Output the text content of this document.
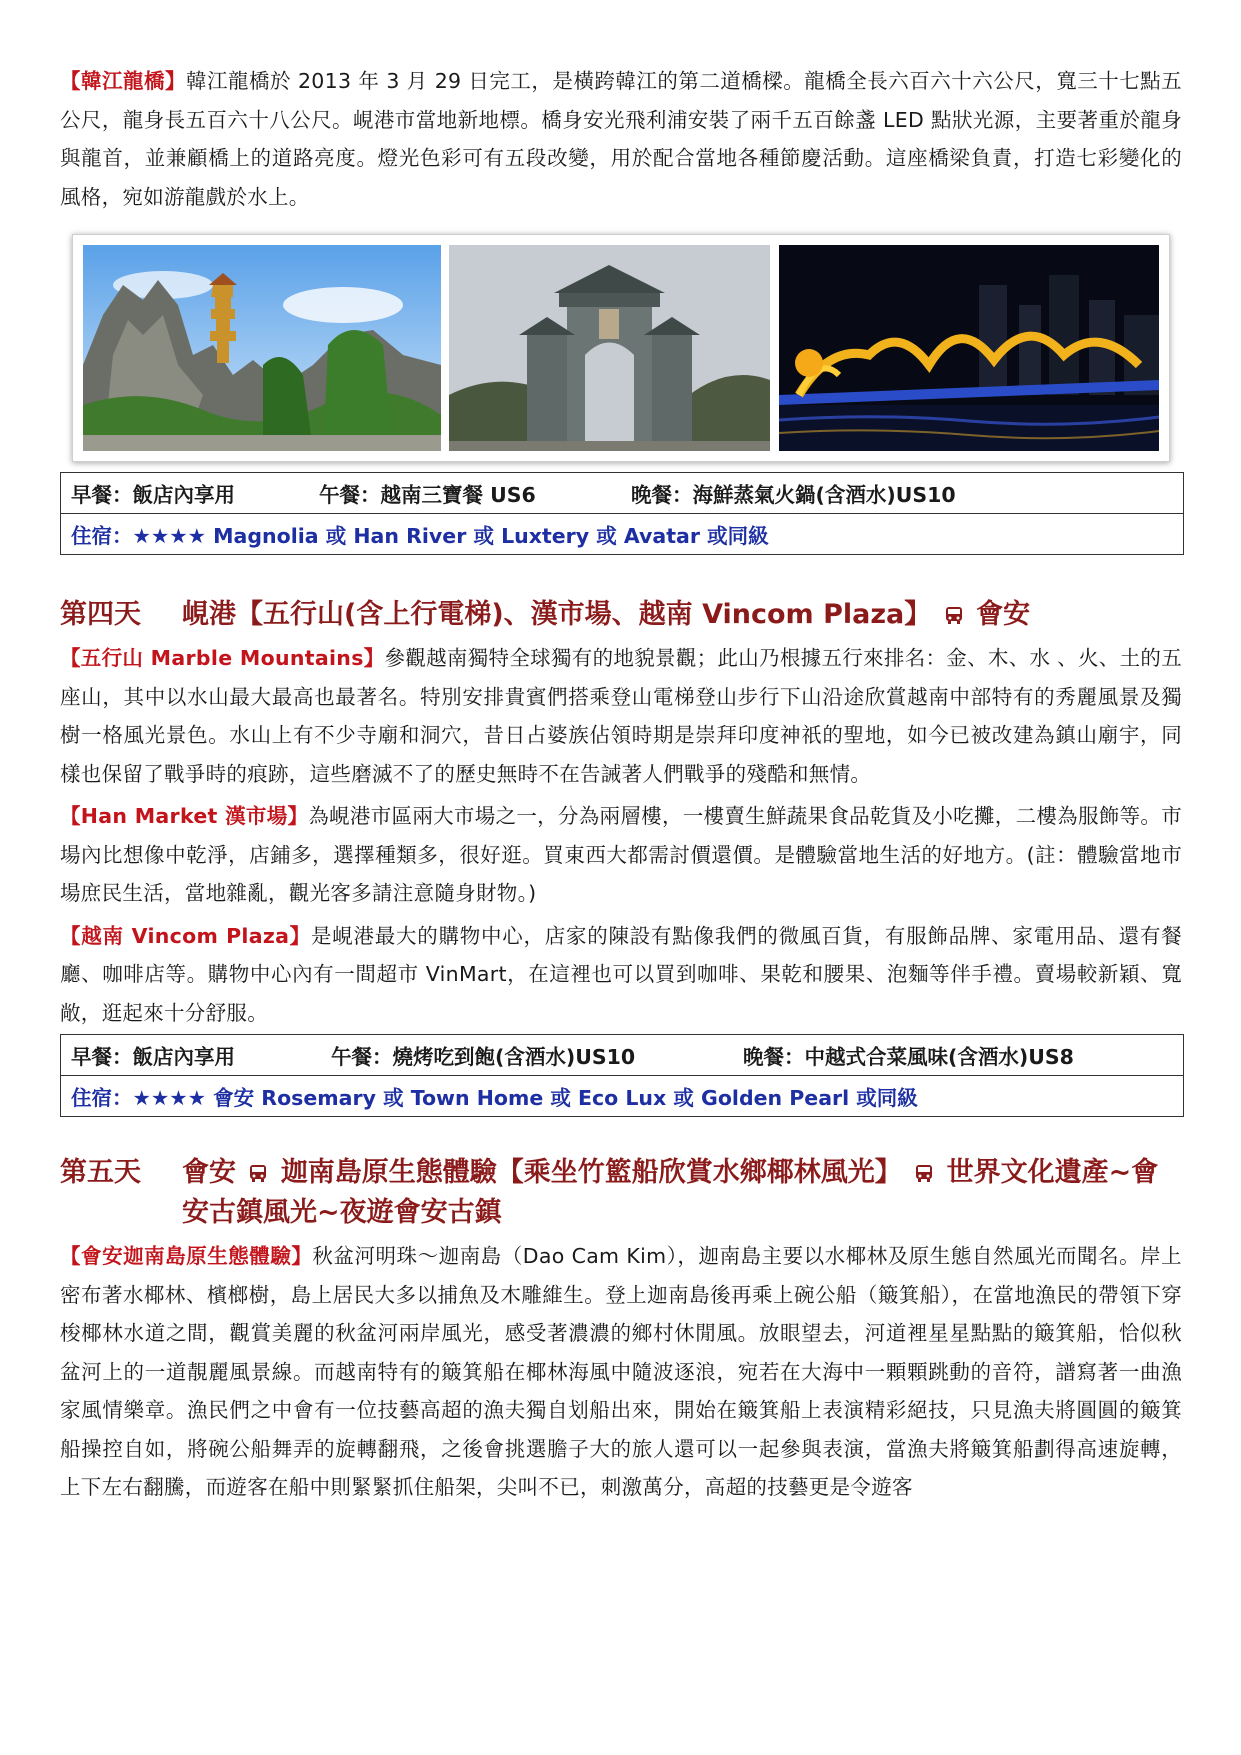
【韓江龍橋】韓江龍橋於 2013 年 3 月 29 日完工，是橫跨韓江的第二道橋樑。龍橋全長六百六十六公尺，寬三十七點五公尺，龍身長五百六十八公尺。峴港市當地新地標。橋身安光飛利浦安裝了兩千五百餘盞 LED 點狀光源，主要著重於龍身與龍首，並兼顧橋上的道路亮度。燈光色彩可有五段改變，用於配合當地各種節慶活動。這座橋梁負責，打造七彩變化的風格，宛如游龍戲於水上。

早餐：飯店內享用	午餐：越南三寶餐 US6	晚餐：海鮮蒸氣火鍋(含酒水)US10
住宿：★★★★ Magnolia 或 Han River 或 Luxtery 或 Avatar 或同級
第四天	峴港【五行山(含上行電梯)、漢市場、越南 Vincom Plaza】 會安

【五行山 Marble Mountains】參觀越南獨特全球獨有的地貌景觀；此山乃根據五行來排名：金、木、水 、火、土的五座山，其中以水山最大最高也最著名。特別安排貴賓們搭乘登山電梯登山步行下山沿途欣賞越南中部特有的秀麗風景及獨樹一格風光景色。水山上有不少寺廟和洞穴，昔日占婆族佔領時期是崇拜印度神祇的聖地，如今已被改建為鎮山廟宇，同樣也保留了戰爭時的痕跡，這些磨滅不了的歷史無時不在告誡著人們戰爭的殘酷和無情。

【Han Market 漢市場】為峴港市區兩大市場之一，分為兩層樓，一樓賣生鮮蔬果食品乾貨及小吃攤，二樓為服飾等。市場內比想像中乾淨，店鋪多，選擇種類多，很好逛。買東西大都需討價還價。是體驗當地生活的好地方。(註：體驗當地市場庶民生活，當地雜亂，觀光客多請注意隨身財物。)

【越南 Vincom Plaza】是峴港最大的購物中心，店家的陳設有點像我們的微風百貨，有服飾品牌、家電用品、還有餐廳、咖啡店等。購物中心內有一間超市 VinMart，在這裡也可以買到咖啡、果乾和腰果、泡麵等伴手禮。賣場較新穎、寬敞，逛起來十分舒服。

早餐：飯店內享用	午餐：燒烤吃到飽(含酒水)US10	晚餐：中越式合菜風味(含酒水)US8
住宿：★★★★ 會安 Rosemary 或 Town Home 或 Eco Lux 或 Golden Pearl 或同級
第五天	會安 迦南島原生態體驗【乘坐竹籃船欣賞水鄉椰林風光】 世界文化遺產~會安古鎮風光~夜遊會安古鎮

【會安迦南島原生態體驗】秋盆河明珠～迦南島（Dao Cam Kim），迦南島主要以水椰林及原生態自然風光而聞名。岸上密布著水椰林、檳榔樹，島上居民大多以捕魚及木雕維生。登上迦南島後再乘上碗公船（簸箕船），在當地漁民的帶領下穿梭椰林水道之間，觀賞美麗的秋盆河兩岸風光，感受著濃濃的鄉村休閒風。放眼望去，河道裡星星點點的簸箕船，恰似秋盆河上的一道靚麗風景線。而越南特有的簸箕船在椰林海風中隨波逐浪，宛若在大海中一顆顆跳動的音符，譜寫著一曲漁家風情樂章。漁民們之中會有一位技藝高超的漁夫獨自划船出來，開始在簸箕船上表演精彩絕技，只見漁夫將圓圓的簸箕船操控自如，將碗公船舞弄的旋轉翻飛，之後會挑選膽子大的旅人還可以一起參與表演，當漁夫將簸箕船劃得高速旋轉，上下左右翻騰，而遊客在船中則緊緊抓住船架，尖叫不已，刺激萬分，高超的技藝更是令遊客
